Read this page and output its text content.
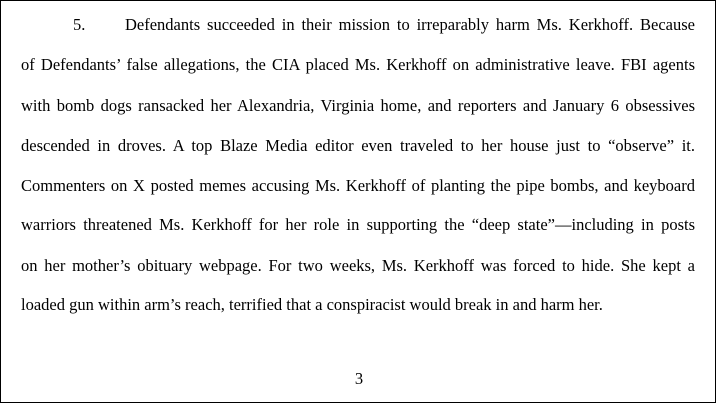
5. Defendants succeeded in their mission to irreparably harm Ms. Kerkhoff. Because
of Defendants’ false allegations, the CIA placed Ms. Kerkhoff on administrative leave. FBI agents
with bomb dogs ransacked her Alexandria, Virginia home, and reporters and January 6 obsessives
descended in droves. A top Blaze Media editor even traveled to her house just to “observe” it.
Commenters on X posted memes accusing Ms. Kerkhoff of planting the pipe bombs, and keyboard
warriors threatened Ms. Kerkhoff for her role in supporting the “deep state”—including in posts
on her mother’s obituary webpage. For two weeks, Ms. Kerkhoff was forced to hide. She kept a
loaded gun within arm’s reach, terrified that a conspiracist would break in and harm her.
3
